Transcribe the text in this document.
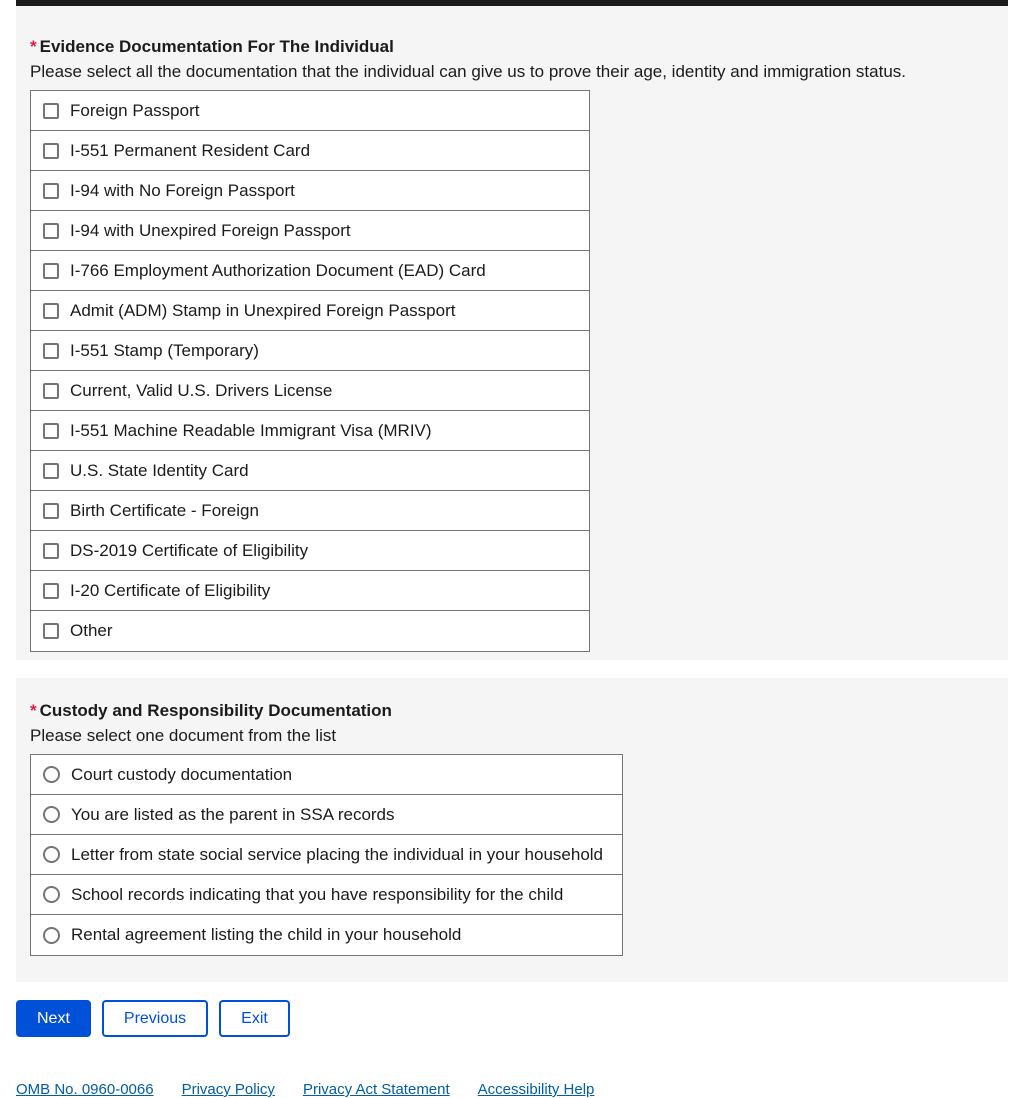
* Evidence Documentation For The Individual

Please select all the documentation that the individual can give us to prove their age, identity and immigration status.

Foreign Passport
I-551 Permanent Resident Card
I-94 with No Foreign Passport
I-94 with Unexpired Foreign Passport
I-766 Employment Authorization Document (EAD) Card
Admit (ADM) Stamp in Unexpired Foreign Passport
I-551 Stamp (Temporary)
Current, Valid U.S. Drivers License
I-551 Machine Readable Immigrant Visa (MRIV)
U.S. State Identity Card
Birth Certificate - Foreign
DS-2019 Certificate of Eligibility
I-20 Certificate of Eligibility
Other
* Custody and Responsibility Documentation

Please select one document from the list

Court custody documentation
You are listed as the parent in SSA records
Letter from state social service placing the individual in your household
School records indicating that you have responsibility for the child
Rental agreement listing the child in your household
Next	Previous	Exit
OMB No. 0960-0066 Privacy Policy Privacy Act Statement Accessibility Help
